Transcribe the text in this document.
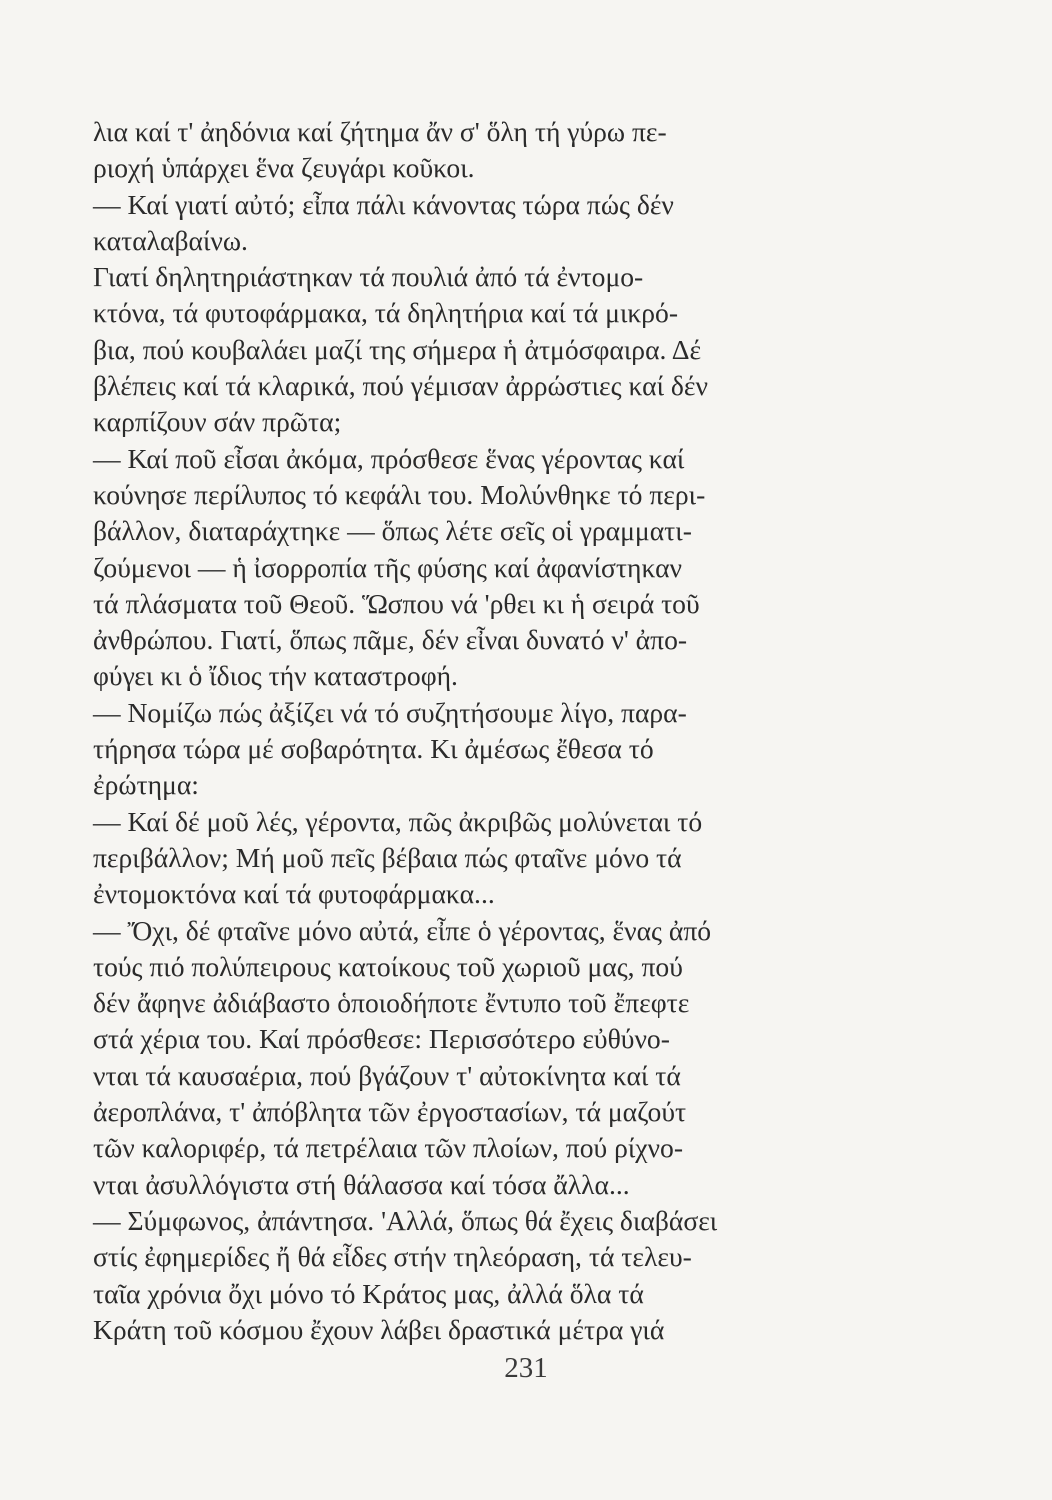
λια καί τ' ἀηδόνια καί ζήτημα ἄν σ' ὅλη τή γύρω πε-
ριοχή ὑπάρχει ἕνα ζευγάρι κοῦκοι.
— Καί γιατί αὐτό; εἶπα πάλι κάνοντας τώρα πώς δέν
καταλαβαίνω.
Γιατί δηλητηριάστηκαν τά πουλιά ἀπό τά ἐντομο-
κτόνα, τά φυτοφάρμακα, τά δηλητήρια καί τά μικρό-
βια, πού κουβαλάει μαζί της σήμερα ἡ ἀτμόσφαιρα. Δέ
βλέπεις καί τά κλαρικά, πού γέμισαν ἀρρώστιες καί δέν
καρπίζουν σάν πρῶτα;
— Καί ποῦ εἶσαι ἀκόμα, πρόσθεσε ἕνας γέροντας καί
κούνησε περίλυπος τό κεφάλι του. Μολύνθηκε τό περι-
βάλλον, διαταράχτηκε — ὅπως λέτε σεῖς οἱ γραμματι-
ζούμενοι — ἡ ἰσορροπία τῆς φύσης καί ἀφανίστηκαν
τά πλάσματα τοῦ Θεοῦ. Ὥσπου νά 'ρθει κι ἡ σειρά τοῦ
ἀνθρώπου. Γιατί, ὅπως πᾶμε, δέν εἶναι δυνατό ν' ἀπο-
φύγει κι ὁ ἴδιος τήν καταστροφή.
— Νομίζω πώς ἀξίζει νά τό συζητήσουμε λίγο, παρα-
τήρησα τώρα μέ σοβαρότητα. Κι ἀμέσως ἔθεσα τό
ἐρώτημα:
— Καί δέ μοῦ λές, γέροντα, πῶς ἀκριβῶς μολύνεται τό
περιβάλλον; Μή μοῦ πεῖς βέβαια πώς φταῖνε μόνο τά
ἐντομοκτόνα καί τά φυτοφάρμακα...
— Ὄχι, δέ φταῖνε μόνο αὐτά, εἶπε ὁ γέροντας, ἕνας ἀπό
τούς πιό πολύπειρους κατοίκους τοῦ χωριοῦ μας, πού
δέν ἄφηνε ἀδιάβαστο ὁποιοδήποτε ἔντυπο τοῦ ἔπεφτε
στά χέρια του. Καί πρόσθεσε: Περισσότερο εὐθύνο-
νται τά καυσαέρια, πού βγάζουν τ' αὐτοκίνητα καί τά
ἀεροπλάνα, τ' ἀπόβλητα τῶν ἐργοστασίων, τά μαζούτ
τῶν καλοριφέρ, τά πετρέλαια τῶν πλοίων, πού ρίχνο-
νται ἀσυλλόγιστα στή θάλασσα καί τόσα ἄλλα...
— Σύμφωνος, ἀπάντησα. 'Αλλά, ὅπως θά ἔχεις διαβάσει
στίς ἐφημερίδες ἤ θά εἶδες στήν τηλεόραση, τά τελευ-
ταῖα χρόνια ὄχι μόνο τό Κράτος μας, ἀλλά ὅλα τά
Κράτη τοῦ κόσμου ἔχουν λάβει δραστικά μέτρα γιά
231
